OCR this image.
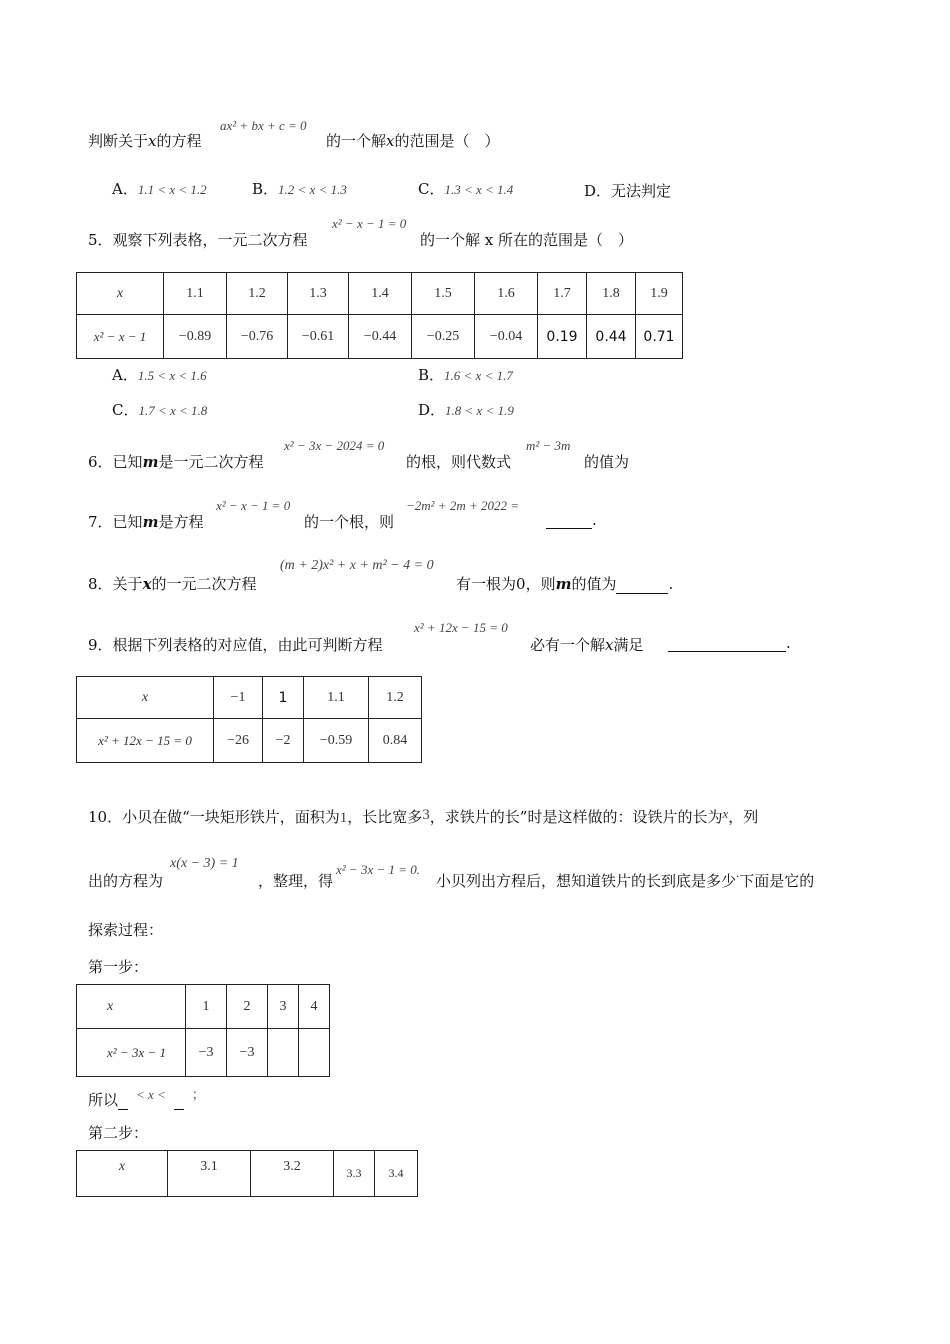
判断关于x的方程
ax² + bx + c = 0
的一个解x的范围是（　）
A．1.1 < x < 1.2	B．1.2 < x < 1.3	C．1.3 < x < 1.4	D．无法判定
5．观察下列表格，一元二次方程
x² − x − 1 = 0
的一个解 x 所在的范围是（　）
x	1.1	1.2	1.3	1.4	1.5	1.6	1.7	1.8	1.9
x² − x − 1	−0.89	−0.76	−0.61	−0.44	−0.25	−0.04	0.19	0.44	0.71
A．1.5 < x < 1.6	B．1.6 < x < 1.7
C．1.7 < x < 1.8	D．1.8 < x < 1.9
6．已知m是一元二次方程
x² − 3x − 2024 = 0
的根，则代数式
m² − 3m
的值为
7．已知m是方程
x² − x − 1 = 0
的一个根，则
−2m² + 2m + 2022 =
.
8．关于x的一元二次方程
(m + 2)x² + x + m² − 4 = 0
有一根为0，则m的值为	.
9．根据下列表格的对应值，由此可判断方程
x² + 12x − 15 = 0
必有一个解x满足	.
x	−1	1	1.1	1.2
x² + 12x − 15 = 0	−26	−2	−0.59	0.84
10．小贝在做“一块矩形铁片，面积为1，长比宽多3，求铁片的长”时是这样做的：设铁片的长为x，列
出的方程为
x(x − 3) = 1
，整理，得
x² − 3x − 1 = 0.
小贝列出方程后，想知道铁片的长到底是多少·下面是它的
探索过程：
第一步：
x	1	2	3	4
x² − 3x − 1	−3	−3		
所以 < x < ；
第二步：
x	3.1	3.2	3.3	3.4
